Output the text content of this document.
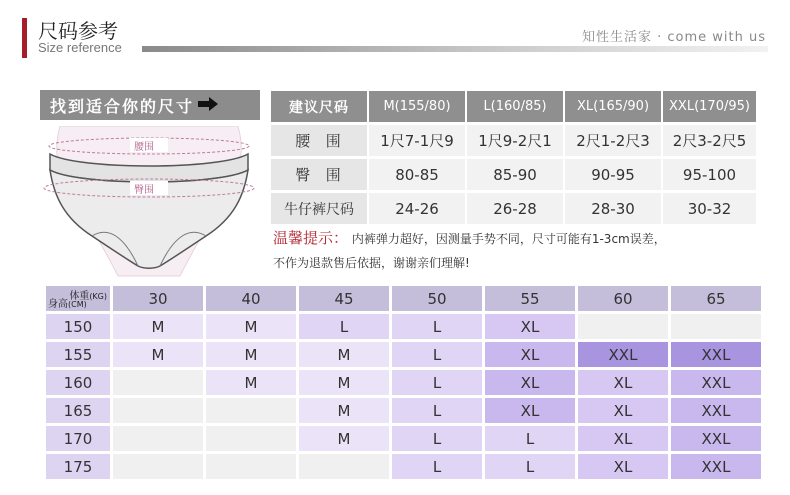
尺码参考
Size reference
知性生活家 · come with us
找到适合你的尺寸
腰围
臀围
建议尺码	M(155/80)	L(160/85)	XL(165/90)	XXL(170/95)
腰  围	1尺7-1尺9	1尺9-2尺1	2尺1-2尺3	2尺3-2尺5
臀  围	80-85	85-90	90-95	95-100
牛仔裤尺码	24-26	26-28	28-30	30-32
温馨提示： 内裤弹力超好，因测量手势不同，尺寸可能有1-3cm误差，
不作为退款售后依据，谢谢亲们理解!
体重(KG)
身高(CM)	30	40	45	50	55	60	65
150	M	M	L	L	XL		
155	M	M	M	L	XL	XXL	XXL
160		M	M	L	XL	XL	XXL
165			M	L	XL	XL	XXL
170			M	L	L	XL	XXL
175				L	L	XL	XXL
